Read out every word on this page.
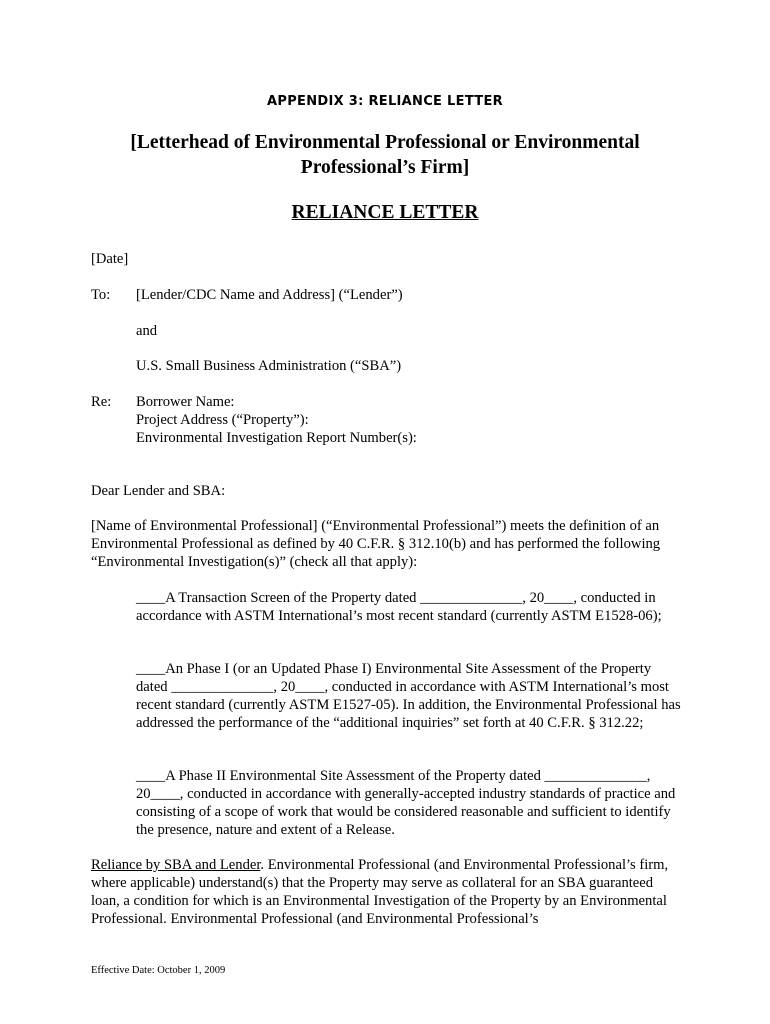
APPENDIX 3: RELIANCE LETTER
[Letterhead of Environmental Professional or Environmental Professional’s Firm]
RELIANCE LETTER
[Date]
To: [Lender/CDC Name and Address] (“Lender”)
and
U.S. Small Business Administration (“SBA”)
Re: Borrower Name:
Project Address (“Property”):
Environmental Investigation Report Number(s):
Dear Lender and SBA:
[Name of Environmental Professional] (“Environmental Professional”) meets the definition of an Environmental Professional as defined by 40 C.F.R. § 312.10(b) and has performed the following “Environmental Investigation(s)” (check all that apply):
____A Transaction Screen of the Property dated ______________, 20____, conducted in accordance with ASTM International’s most recent standard (currently ASTM E1528-06);
____An Phase I (or an Updated Phase I) Environmental Site Assessment of the Property dated ______________, 20____, conducted in accordance with ASTM International’s most recent standard (currently ASTM E1527-05). In addition, the Environmental Professional has addressed the performance of the “additional inquiries” set forth at 40 C.F.R. § 312.22;
____A Phase II Environmental Site Assessment of the Property dated ______________, 20____, conducted in accordance with generally-accepted industry standards of practice and consisting of a scope of work that would be considered reasonable and sufficient to identify the presence, nature and extent of a Release.
Reliance by SBA and Lender. Environmental Professional (and Environmental Professional’s firm, where applicable) understand(s) that the Property may serve as collateral for an SBA guaranteed loan, a condition for which is an Environmental Investigation of the Property by an Environmental Professional. Environmental Professional (and Environmental Professional’s
Effective Date: October 1, 2009
